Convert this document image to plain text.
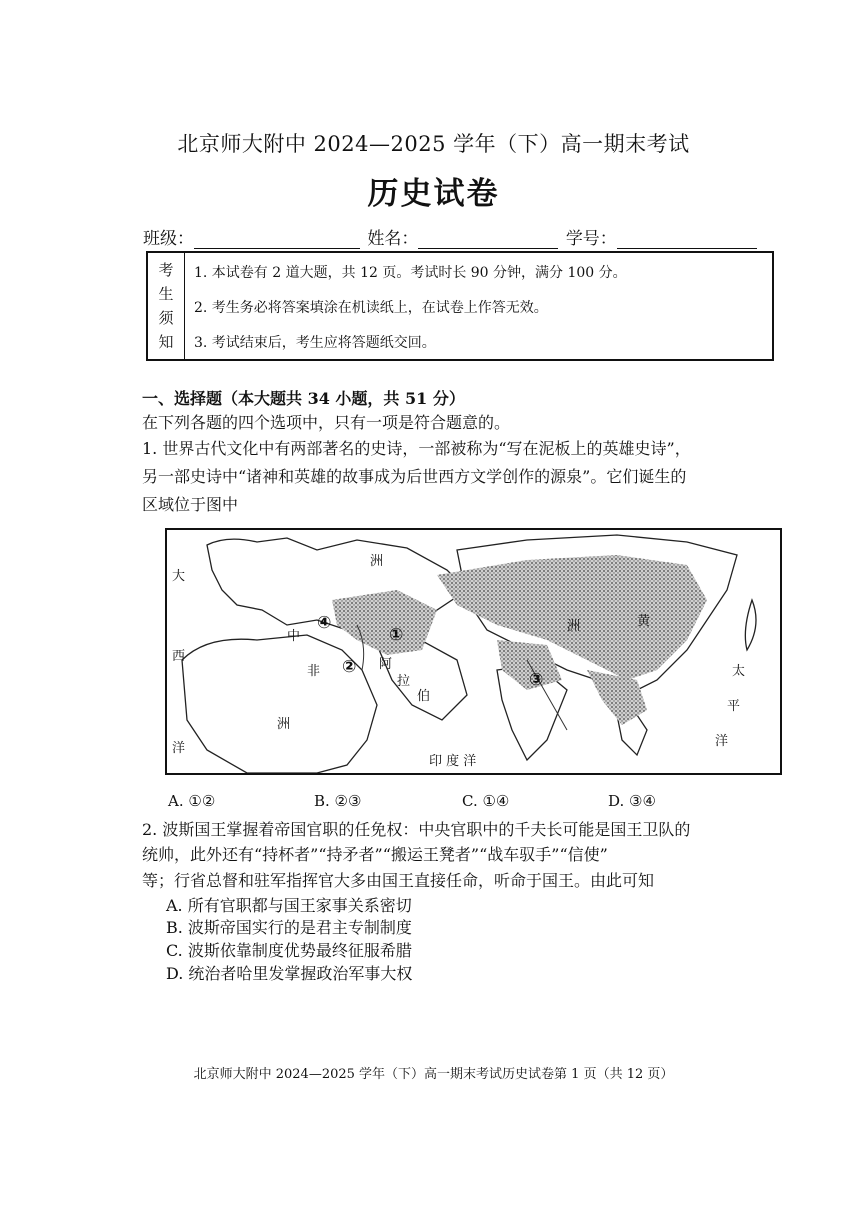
北京师大附中 2024—2025 学年（下）高一期末考试
历史试卷
班级：	姓名：	学号：
考
生
须
知
1. 本试卷有 2 道大题，共 12 页。考试时长 90 分钟，满分 100 分。
2. 考生务必将答案填涂在机读纸上，在试卷上作答无效。
3. 考试结束后，考生应将答题纸交回。
一、选择题（本大题共 34 小题，共 51 分）
在下列各题的四个选项中，只有一项是符合题意的。
1. 世界古代文化中有两部著名的史诗，一部被称为“写在泥板上的英雄史诗”，
另一部史诗中“诸神和英雄的故事成为后世西方文学创作的源泉”。它们诞生的
区域位于图中
大
西
洋
洲
中
非
洲
阿
拉
伯
洲	黄
太
平
洋
印 度 洋
①
②
③
④
A. ①②	B. ②③	C. ①④	D. ③④
2. 波斯国王掌握着帝国官职的任免权：中央官职中的千夫长可能是国王卫队的
统帅，此外还有“持杯者”“持矛者”“搬运王凳者”“战车驭手”“信使”
等；行省总督和驻军指挥官大多由国王直接任命，听命于国王。由此可知
A. 所有官职都与国王家事关系密切
B. 波斯帝国实行的是君主专制制度
C. 波斯依靠制度优势最终征服希腊
D. 统治者哈里发掌握政治军事大权
北京师大附中 2024—2025 学年（下）高一期末考试历史试卷第 1 页（共 12 页）
